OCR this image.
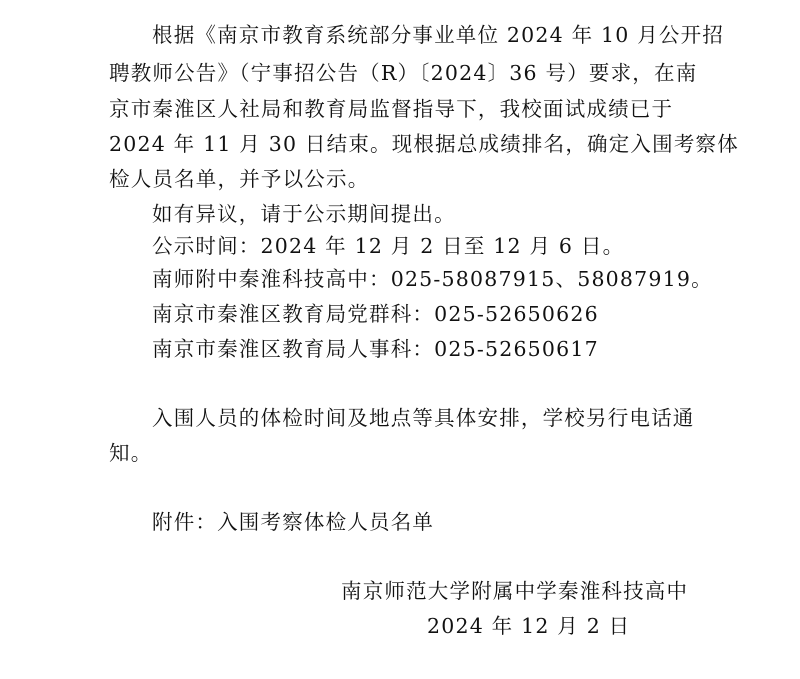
根据《南京市教育系统部分事业单位 2024 年 10 月公开招
聘教师公告》（宁事招公告（R）〔2024〕36 号）要求，在南
京市秦淮区人社局和教育局监督指导下，我校面试成绩已于
2024 年 11 月 30 日结束。现根据总成绩排名，确定入围考察体
检人员名单，并予以公示。
如有异议，请于公示期间提出。
公示时间：2024 年 12 月 2 日至 12 月 6 日。
南师附中秦淮科技高中：025-58087915、58087919。
南京市秦淮区教育局党群科：025-52650626
南京市秦淮区教育局人事科：025-52650617
入围人员的体检时间及地点等具体安排，学校另行电话通
知。
附件：入围考察体检人员名单
南京师范大学附属中学秦淮科技高中
2024 年 12 月 2 日
